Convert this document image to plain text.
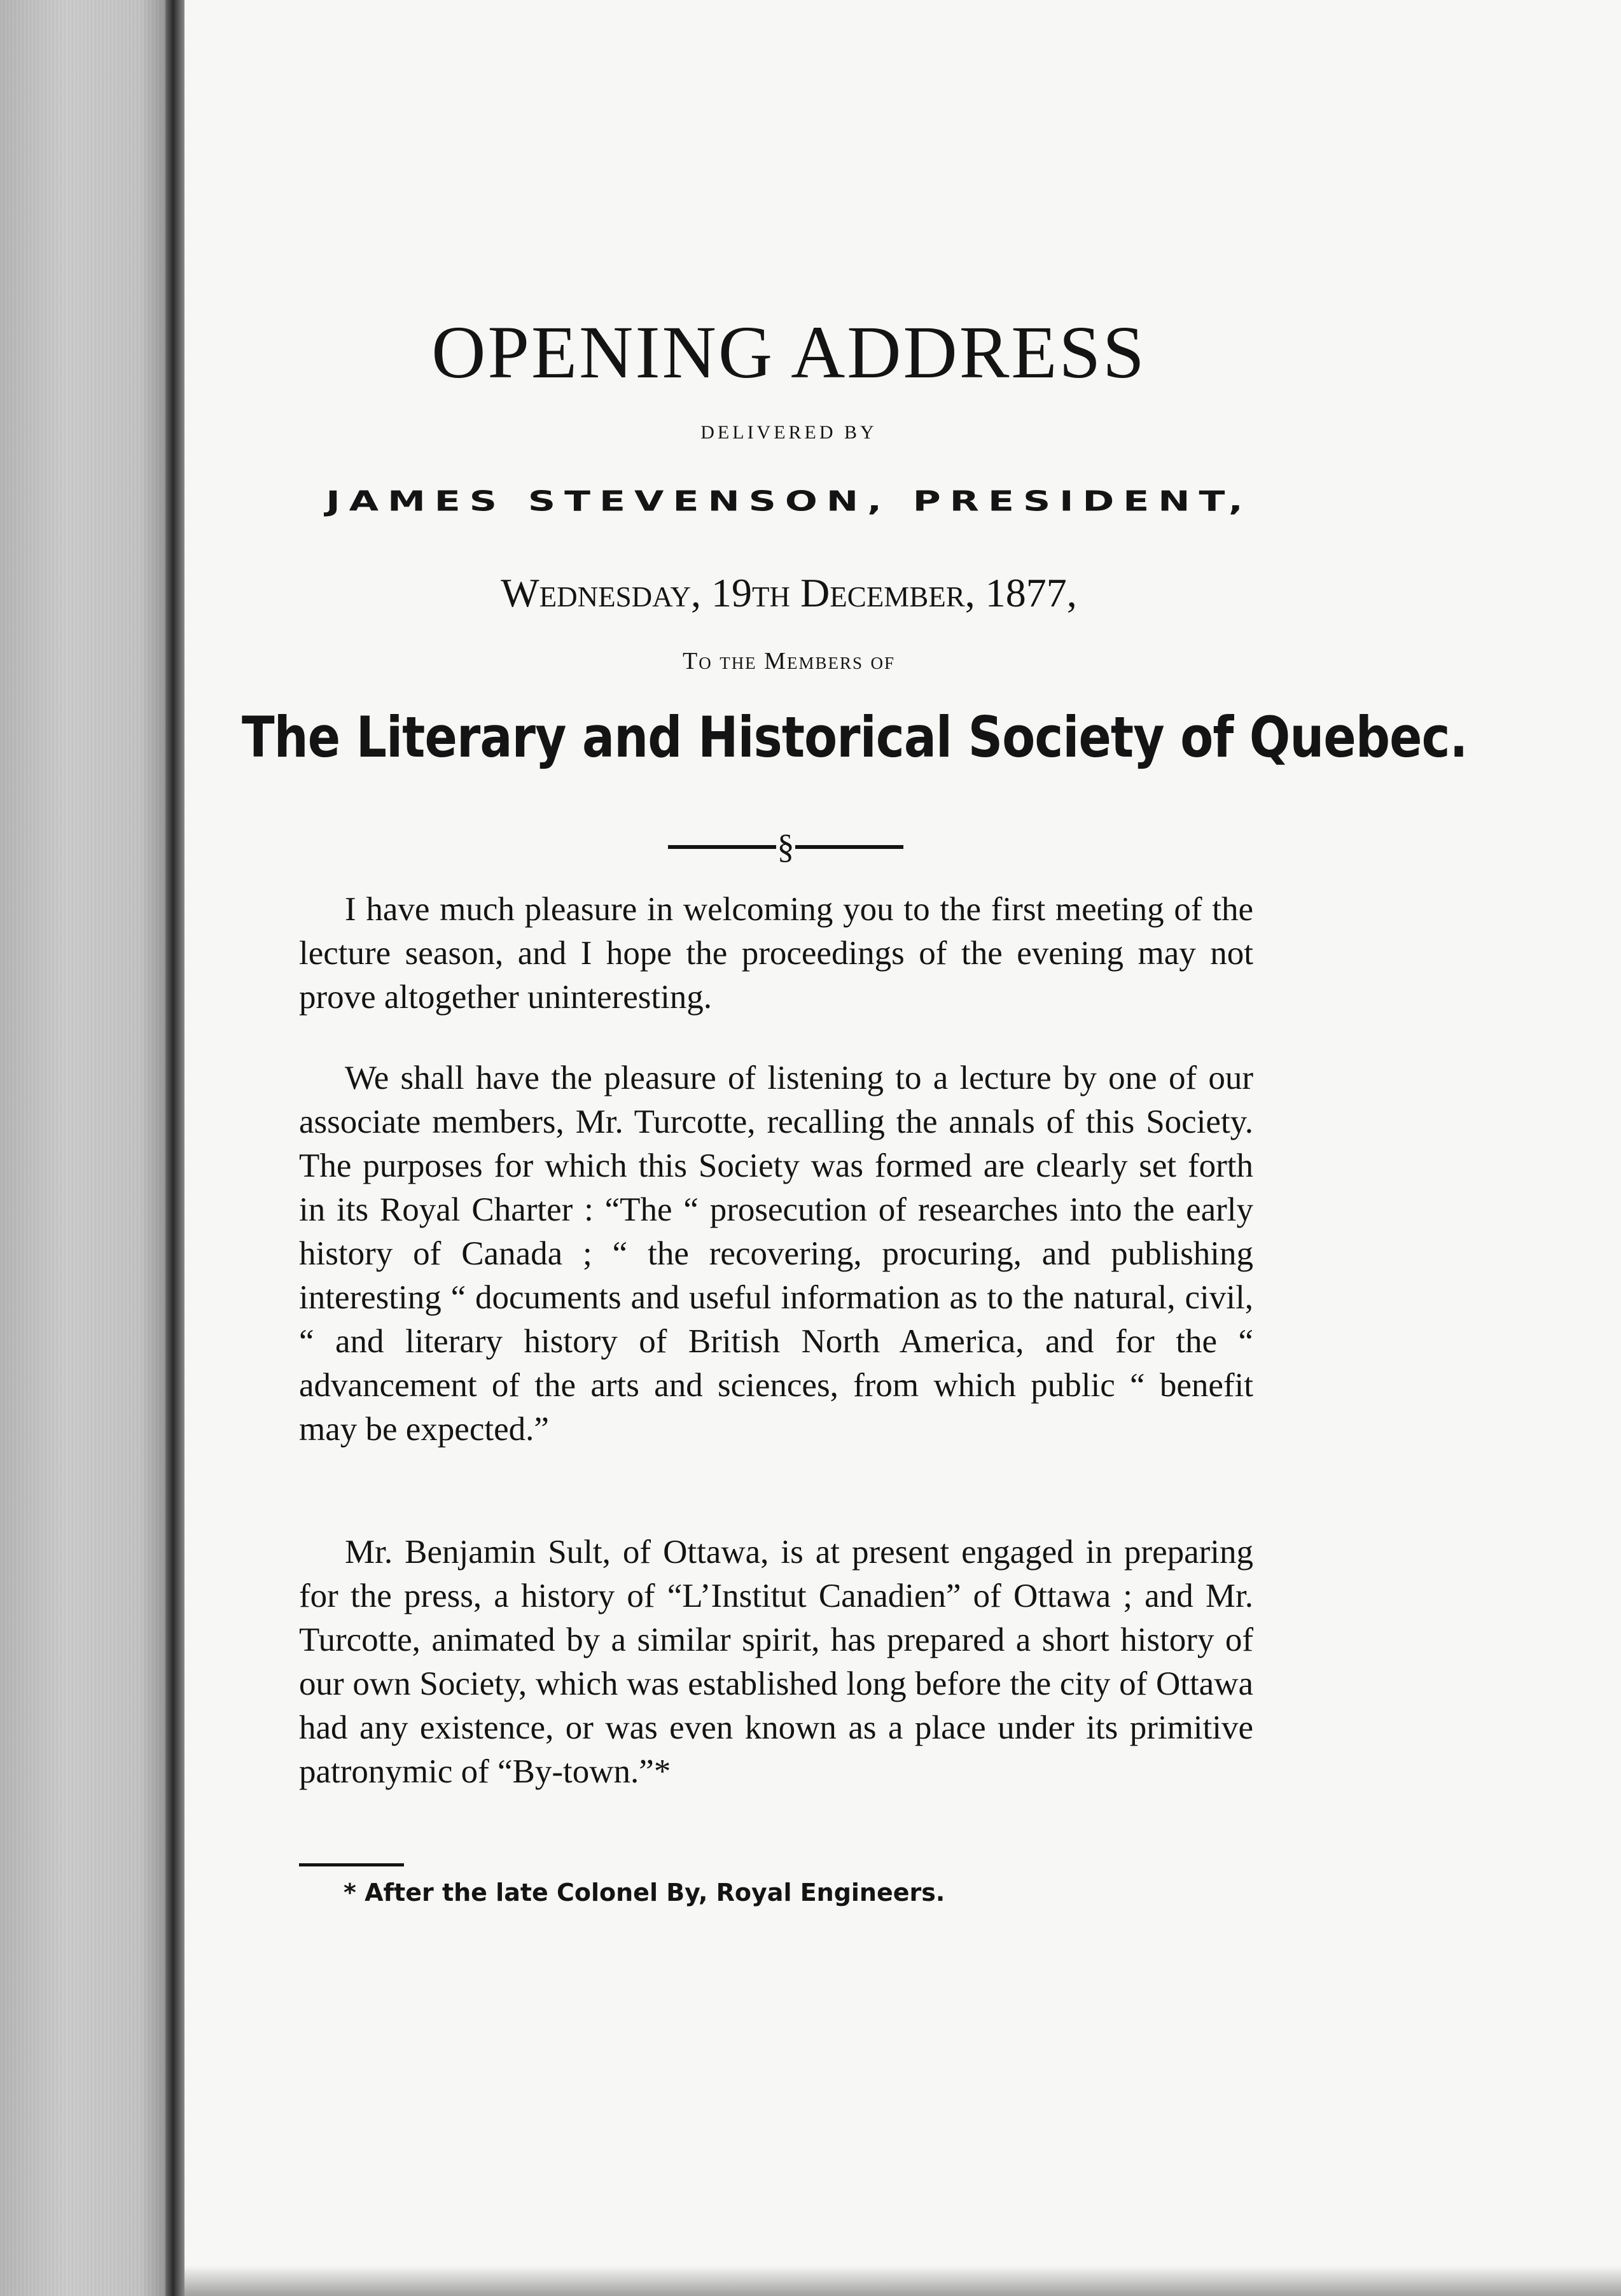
OPENING ADDRESS
DELIVERED BY
JAMES STEVENSON, PRESIDENT,
Wednesday, 19th December, 1877,
To the Members of
The Literary and Historical Society of Quebec.
§

I have much pleasure in welcoming you to the first meeting of the lecture season, and I hope the proceedings of the evening may not prove altogether uninteresting.

We shall have the pleasure of listening to a lecture by one of our associate members, Mr. Turcotte, recalling the annals of this Society. The purposes for which this Society was formed are clearly set forth in its Royal Charter : “The “ prosecution of researches into the early history of Canada ; “ the recovering, procuring, and publishing interesting “ documents and useful information as to the natural, civil, “ and literary history of British North America, and for the “ advancement of the arts and sciences, from which public “ benefit may be expected.”

Mr. Benjamin Sult, of Ottawa, is at present engaged in preparing for the press, a history of “L’Institut Canadien” of Ottawa ; and Mr. Turcotte, animated by a similar spirit, has prepared a short history of our own Society, which was established long before the city of Ottawa had any existence, or was even known as a place under its primitive patronymic of “By-town.”*

* After the late Colonel By, Royal Engineers.
